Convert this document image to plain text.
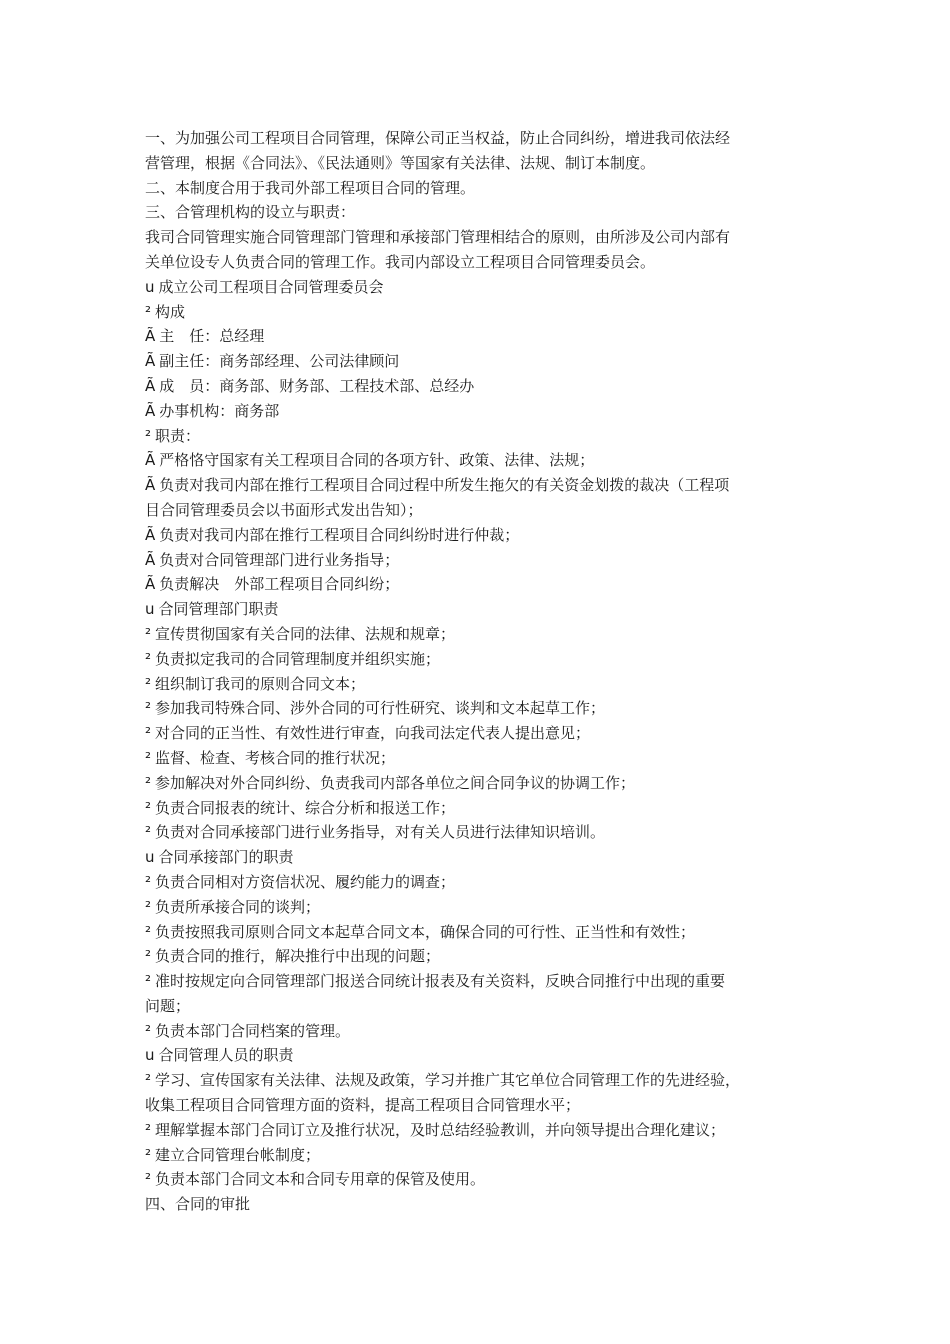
一、为加强公司工程项目合同管理，保障公司正当权益，防止合同纠纷，增进我司依法经
营管理，根据《合同法》、《民法通则》等国家有关法律、法规、制订本制度。
二、本制度合用于我司外部工程项目合同的管理。
三、合管理机构的设立与职责：
我司合同管理实施合同管理部门管理和承接部门管理相结合的原则，由所涉及公司内部有
关单位设专人负责合同的管理工作。我司内部设立工程项目合同管理委员会。
u 成立公司工程项目合同管理委员会
² 构成
Ã 主　任：总经理
Ã 副主任：商务部经理、公司法律顾问
Ã 成　员：商务部、财务部、工程技术部、总经办
Ã 办事机构：商务部
² 职责：
Ã 严格恪守国家有关工程项目合同的各项方针、政策、法律、法规；
Ã 负责对我司内部在推行工程项目合同过程中所发生拖欠的有关资金划拨的裁决（工程项
目合同管理委员会以书面形式发出告知）；
Ã 负责对我司内部在推行工程项目合同纠纷时进行仲裁；
Ã 负责对合同管理部门进行业务指导；
Ã 负责解决　外部工程项目合同纠纷；
u 合同管理部门职责
² 宣传贯彻国家有关合同的法律、法规和规章；
² 负责拟定我司的合同管理制度并组织实施；
² 组织制订我司的原则合同文本；
² 参加我司特殊合同、涉外合同的可行性研究、谈判和文本起草工作；
² 对合同的正当性、有效性进行审查，向我司法定代表人提出意见；
² 监督、检查、考核合同的推行状况；
² 参加解决对外合同纠纷、负责我司内部各单位之间合同争议的协调工作；
² 负责合同报表的统计、综合分析和报送工作；
² 负责对合同承接部门进行业务指导，对有关人员进行法律知识培训。
u 合同承接部门的职责
² 负责合同相对方资信状况、履约能力的调查；
² 负责所承接合同的谈判；
² 负责按照我司原则合同文本起草合同文本，确保合同的可行性、正当性和有效性；
² 负责合同的推行，解决推行中出现的问题；
² 准时按规定向合同管理部门报送合同统计报表及有关资料，反映合同推行中出现的重要
问题；
² 负责本部门合同档案的管理。
u 合同管理人员的职责
² 学习、宣传国家有关法律、法规及政策，学习并推广其它单位合同管理工作的先进经验，
收集工程项目合同管理方面的资料，提高工程项目合同管理水平；
² 理解掌握本部门合同订立及推行状况，及时总结经验教训，并向领导提出合理化建议；
² 建立合同管理台帐制度；
² 负责本部门合同文本和合同专用章的保管及使用。
四、合同的审批
